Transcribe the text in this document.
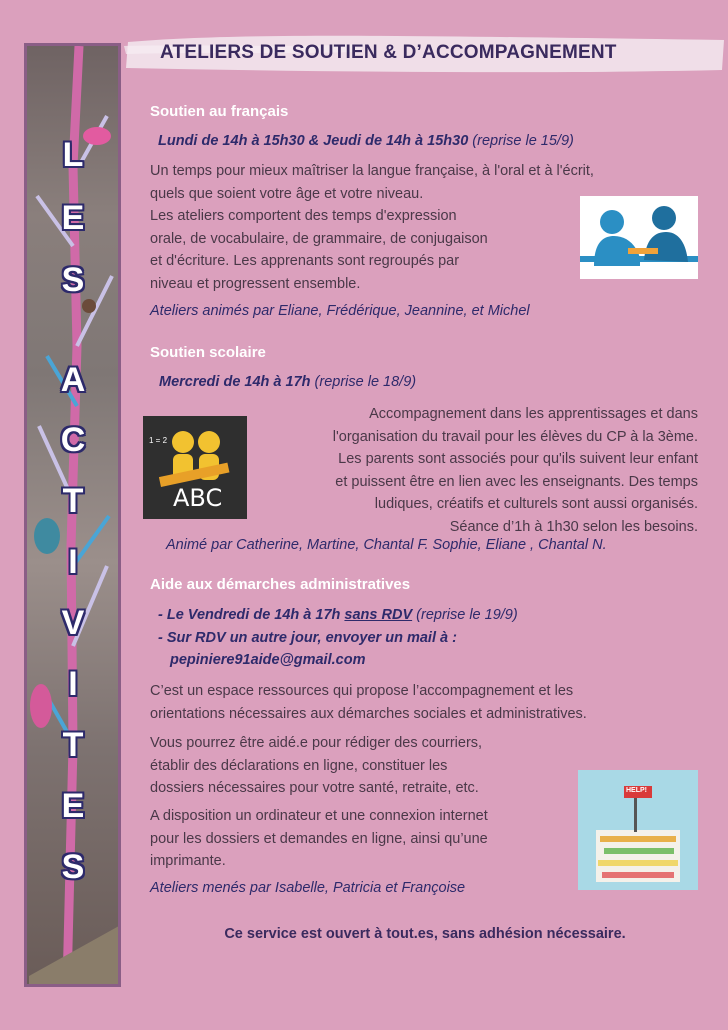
ATELIERS DE SOUTIEN & D’ACCOMPAGNEMENT
L
E
S
A
C
T
I
V
I
T
E
S
Soutien au français
Lundi de 14h à 15h30 & Jeudi de 14h à 15h30 (reprise le 15/9)
Un temps pour mieux maîtriser la langue française, à l'oral et à l'écrit,
quels que soient votre âge et votre niveau.
Les ateliers comportent des temps d'expression
orale, de vocabulaire, de grammaire, de conjugaison
et d'écriture. Les apprenants sont regroupés par
niveau et progressent ensemble.
Ateliers animés par Eliane, Frédérique, Jeannine, et Michel
Soutien scolaire
Mercredi de 14h à 17h (reprise le 18/9)
1 = 2
ABC
Accompagnement dans les apprentissages et dans
l'organisation du travail pour les élèves du CP à la 3ème.
Les parents sont associés pour qu'ils suivent leur enfant
et puissent être en lien avec les enseignants. Des temps
ludiques, créatifs et culturels sont aussi organisés.
Séance d’1h à 1h30 selon les besoins.
Animé par Catherine, Martine, Chantal F. Sophie, Eliane , Chantal N.
Aide aux démarches administratives
- Le Vendredi de 14h à 17h sans RDV (reprise le 19/9)
- Sur RDV un autre jour, envoyer un mail à :
pepiniere91aide@gmail.com
C’est un espace ressources qui propose l’accompagnement et les
orientations nécessaires aux démarches sociales et administratives.
Vous pourrez être aidé.e pour rédiger des courriers,
établir des déclarations en ligne, constituer les
dossiers nécessaires pour votre santé, retraite, etc.
A disposition un ordinateur et une connexion internet
pour les dossiers et demandes en ligne, ainsi qu’une
imprimante.
HELP!
Ateliers menés par Isabelle, Patricia et Françoise
Ce service est ouvert à tout.es, sans adhésion nécessaire.
